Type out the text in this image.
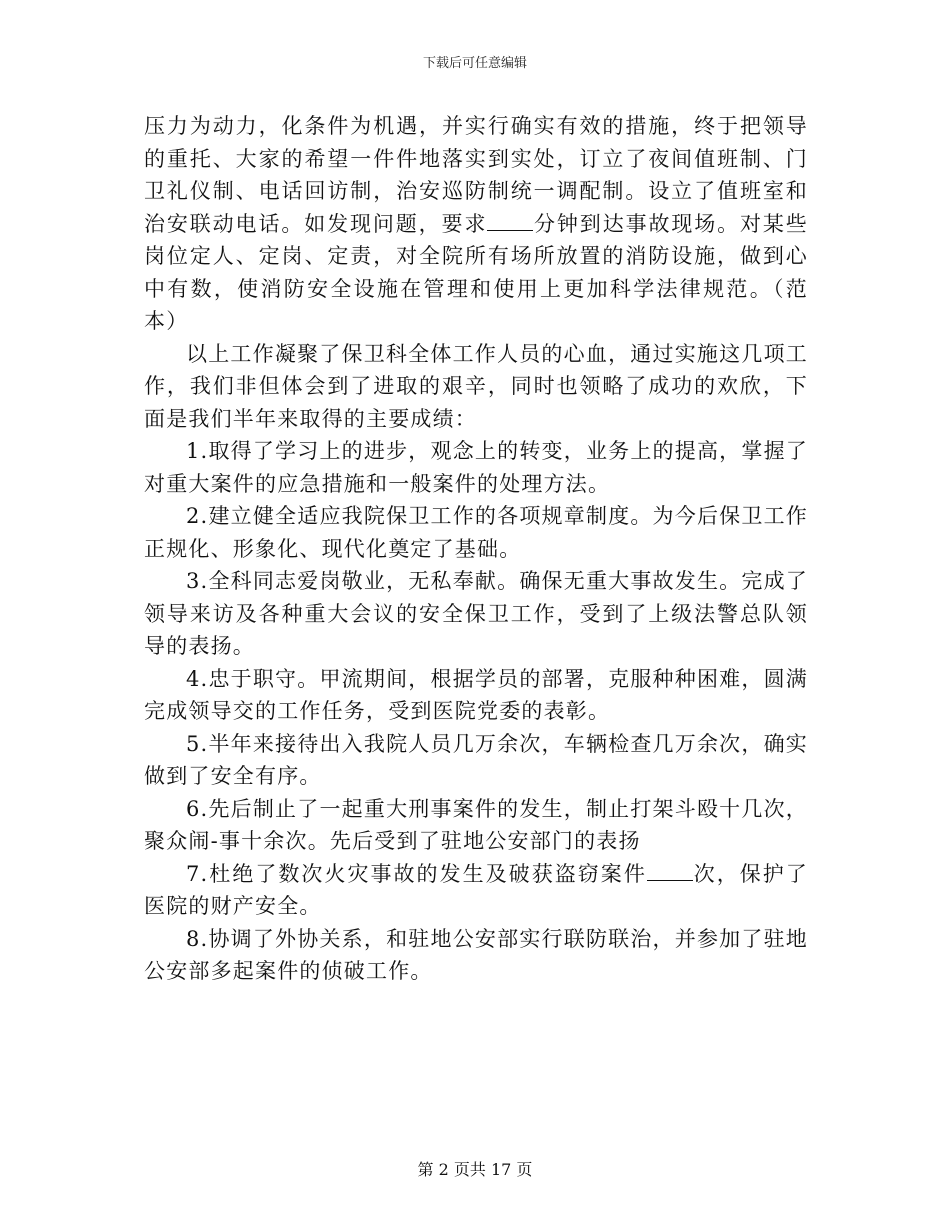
下载后可任意编辑

压力为动力，化条件为机遇，并实行确实有效的措施，终于把领导的重托、大家的希望一件件地落实到实处，订立了夜间值班制、门卫礼仪制、电话回访制，治安巡防制统一调配制。设立了值班室和治安联动电话。如发现问题，要求 分钟到达事故现场。对某些岗位定人、定岗、定责，对全院所有场所放置的消防设施，做到心中有数，使消防安全设施在管理和使用上更加科学法律规范。（范本）

以上工作凝聚了保卫科全体工作人员的心血，通过实施这几项工作，我们非但体会到了进取的艰辛，同时也领略了成功的欢欣，下面是我们半年来取得的主要成绩：

1.取得了学习上的进步，观念上的转变，业务上的提高，掌握了对重大案件的应急措施和一般案件的处理方法。

2.建立健全适应我院保卫工作的各项规章制度。为今后保卫工作正规化、形象化、现代化奠定了基础。

3.全科同志爱岗敬业，无私奉献。确保无重大事故发生。完成了领导来访及各种重大会议的安全保卫工作，受到了上级法警总队领导的表扬。

4.忠于职守。甲流期间，根据学员的部署，克服种种困难，圆满完成领导交的工作任务，受到医院党委的表彰。

5.半年来接待出入我院人员几万余次，车辆检查几万余次，确实做到了安全有序。

6.先后制止了一起重大刑事案件的发生，制止打架斗殴十几次，聚众闹-事十余次。先后受到了驻地公安部门的表扬

7.杜绝了数次火灾事故的发生及破获盗窃案件 次，保护了医院的财产安全。

8.协调了外协关系，和驻地公安部实行联防联治，并参加了驻地公安部多起案件的侦破工作。

第 2 页共 17 页
